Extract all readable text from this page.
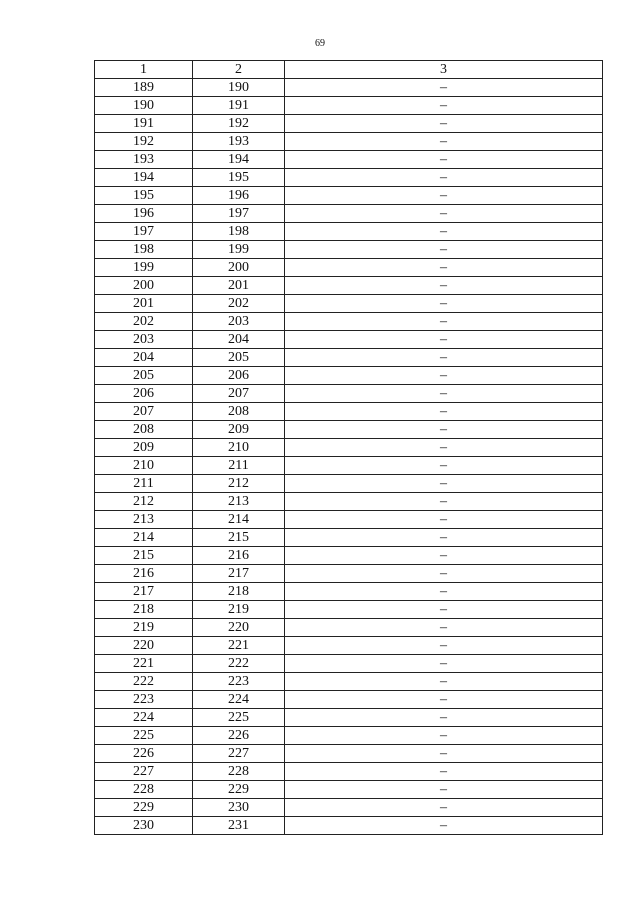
69
1	2	3
189	190	–
190	191	–
191	192	–
192	193	–
193	194	–
194	195	–
195	196	–
196	197	–
197	198	–
198	199	–
199	200	–
200	201	–
201	202	–
202	203	–
203	204	–
204	205	–
205	206	–
206	207	–
207	208	–
208	209	–
209	210	–
210	211	–
211	212	–
212	213	–
213	214	–
214	215	–
215	216	–
216	217	–
217	218	–
218	219	–
219	220	–
220	221	–
221	222	–
222	223	–
223	224	–
224	225	–
225	226	–
226	227	–
227	228	–
228	229	–
229	230	–
230	231	–
